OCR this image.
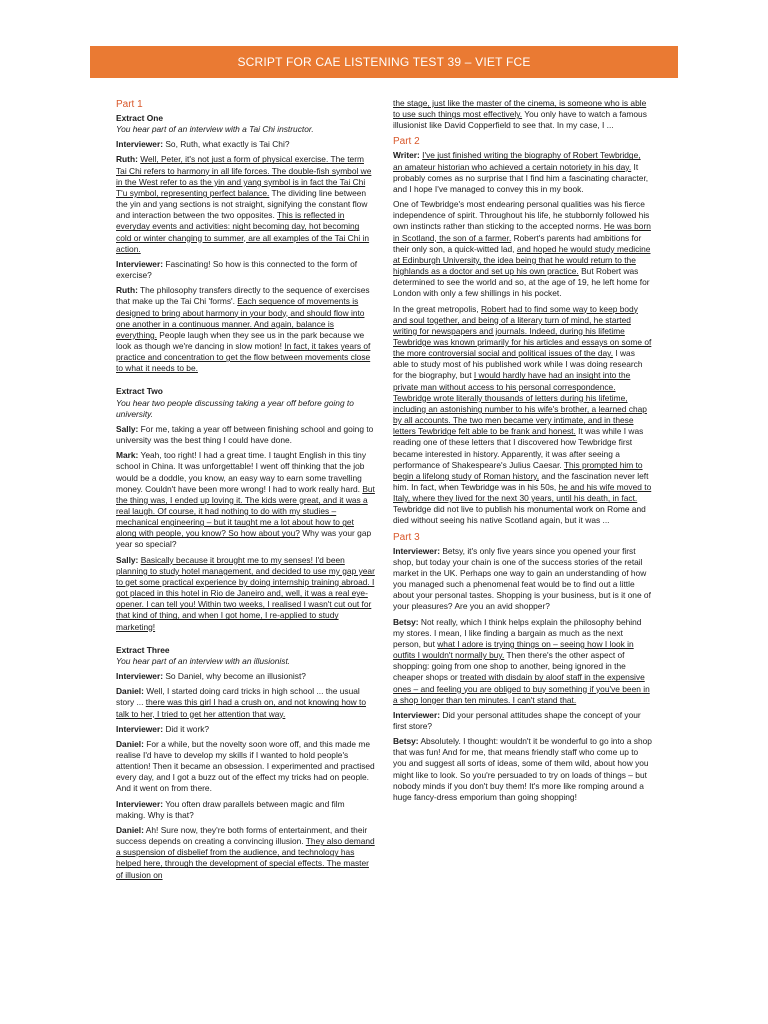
SCRIPT FOR CAE LISTENING TEST 39 – VIET FCE
Part 1
Extract One
You hear part of an interview with a Tai Chi instructor.

Interviewer: So, Ruth, what exactly is Tai Chi?

Ruth: Well, Peter, it's not just a form of physical exercise. The term Tai Chi refers to harmony in all life forces. The double-fish symbol we in the West refer to as the yin and yang symbol is in fact the Tai Chi T'u symbol, representing perfect balance. The dividing line between the yin and yang sections is not straight, signifying the constant flow and interaction between the two opposites. This is reflected in everyday events and activities: night becoming day, hot becoming cold or winter changing to summer, are all examples of the Tai Chi in action.

Interviewer: Fascinating! So how is this connected to the form of exercise?

Ruth: The philosophy transfers directly to the sequence of exercises that make up the Tai Chi 'forms'. Each sequence of movements is designed to bring about harmony in your body, and should flow into one another in a continuous manner. And again, balance is everything. People laugh when they see us in the park because we look as though we're dancing in slow motion! In fact, it takes years of practice and concentration to get the flow between movements close to what it needs to be.

Extract Two
You hear two people discussing taking a year off before going to university.

Sally: For me, taking a year off between finishing school and going to university was the best thing I could have done.

Mark: Yeah, too right! I had a great time. I taught English in this tiny school in China. It was unforgettable! I went off thinking that the job would be a doddle, you know, an easy way to earn some travelling money. Couldn't have been more wrong! I had to work really hard. But the thing was, I ended up loving it. The kids were great, and it was a real laugh. Of course, it had nothing to do with my studies – mechanical engineering – but it taught me a lot about how to get along with people, you know? So how about you? Why was your gap year so special?

Sally: Basically because it brought me to my senses! I'd been planning to study hotel management, and decided to use my gap year to get some practical experience by doing internship training abroad. I got placed in this hotel in Rio de Janeiro and, well, it was a real eye-opener. I can tell you! Within two weeks, I realised I wasn't cut out for that kind of thing, and when I got home, I re-applied to study marketing!

Extract Three
You hear part of an interview with an illusionist.

Interviewer: So Daniel, why become an illusionist?

Daniel: Well, I started doing card tricks in high school ... the usual story ... there was this girl I had a crush on, and not knowing how to talk to her, I tried to get her attention that way.

Interviewer: Did it work?

Daniel: For a while, but the novelty soon wore off, and this made me realise I'd have to develop my skills if I wanted to hold people's attention! Then it became an obsession. I experimented and practised every day, and I got a buzz out of the effect my tricks had on people. And it went on from there.

Interviewer: You often draw parallels between magic and film making. Why is that?

Daniel: Ah! Sure now, they're both forms of entertainment, and their success depends on creating a convincing illusion. They also demand a suspension of disbelief from the audience, and technology has helped here, through the development of special effects. The master of illusion on

the stage, just like the master of the cinema, is someone who is able to use such things most effectively. You only have to watch a famous illusionist like David Copperfield to see that. In my case, I ...

Part 2

Writer: I've just finished writing the biography of Robert Tewbridge, an amateur historian who achieved a certain notoriety in his day. It probably comes as no surprise that I find him a fascinating character, and I hope I've managed to convey this in my book.

One of Tewbridge's most endearing personal qualities was his fierce independence of spirit. Throughout his life, he stubbornly followed his own instincts rather than sticking to the accepted norms. He was born in Scotland, the son of a farmer. Robert's parents had ambitions for their only son, a quick-witted lad, and hoped he would study medicine at Edinburgh University, the idea being that he would return to the highlands as a doctor and set up his own practice. But Robert was determined to see the world and so, at the age of 19, he left home for London with only a few shillings in his pocket.

In the great metropolis, Robert had to find some way to keep body and soul together, and being of a literary turn of mind, he started writing for newspapers and journals. Indeed, during his lifetime Tewbridge was known primarily for his articles and essays on some of the more controversial social and political issues of the day. I was able to study most of his published work while I was doing research for the biography, but I would hardly have had an insight into the private man without access to his personal correspondence. Tewbridge wrote literally thousands of letters during his lifetime, including an astonishing number to his wife's brother, a learned chap by all accounts. The two men became very intimate, and in these letters Tewbridge felt able to be frank and honest. It was while I was reading one of these letters that I discovered how Tewbridge first became interested in history. Apparently, it was after seeing a performance of Shakespeare's Julius Caesar. This prompted him to begin a lifelong study of Roman history, and the fascination never left him. In fact, when Tewbridge was in his 50s, he and his wife moved to Italy, where they lived for the next 30 years, until his death, in fact. Tewbridge did not live to publish his monumental work on Rome and died without seeing his native Scotland again, but it was ...

Part 3

Interviewer: Betsy, it's only five years since you opened your first shop, but today your chain is one of the success stories of the retail market in the UK. Perhaps one way to gain an understanding of how you managed such a phenomenal feat would be to find out a little about your personal tastes. Shopping is your business, but is it one of your pleasures? Are you an avid shopper?

Betsy: Not really, which I think helps explain the philosophy behind my stores. I mean, I like finding a bargain as much as the next person, but what I adore is trying things on – seeing how I look in outfits I wouldn't normally buy. Then there's the other aspect of shopping: going from one shop to another, being ignored in the cheaper shops or treated with disdain by aloof staff in the expensive ones – and feeling you are obliged to buy something if you've been in a shop longer than ten minutes. I can't stand that.

Interviewer: Did your personal attitudes shape the concept of your first store?

Betsy: Absolutely. I thought: wouldn't it be wonderful to go into a shop that was fun! And for me, that means friendly staff who come up to you and suggest all sorts of ideas, some of them wild, about how you might like to look. So you're persuaded to try on loads of things – but nobody minds if you don't buy them! It's more like romping around a huge fancy-dress emporium than going shopping!
